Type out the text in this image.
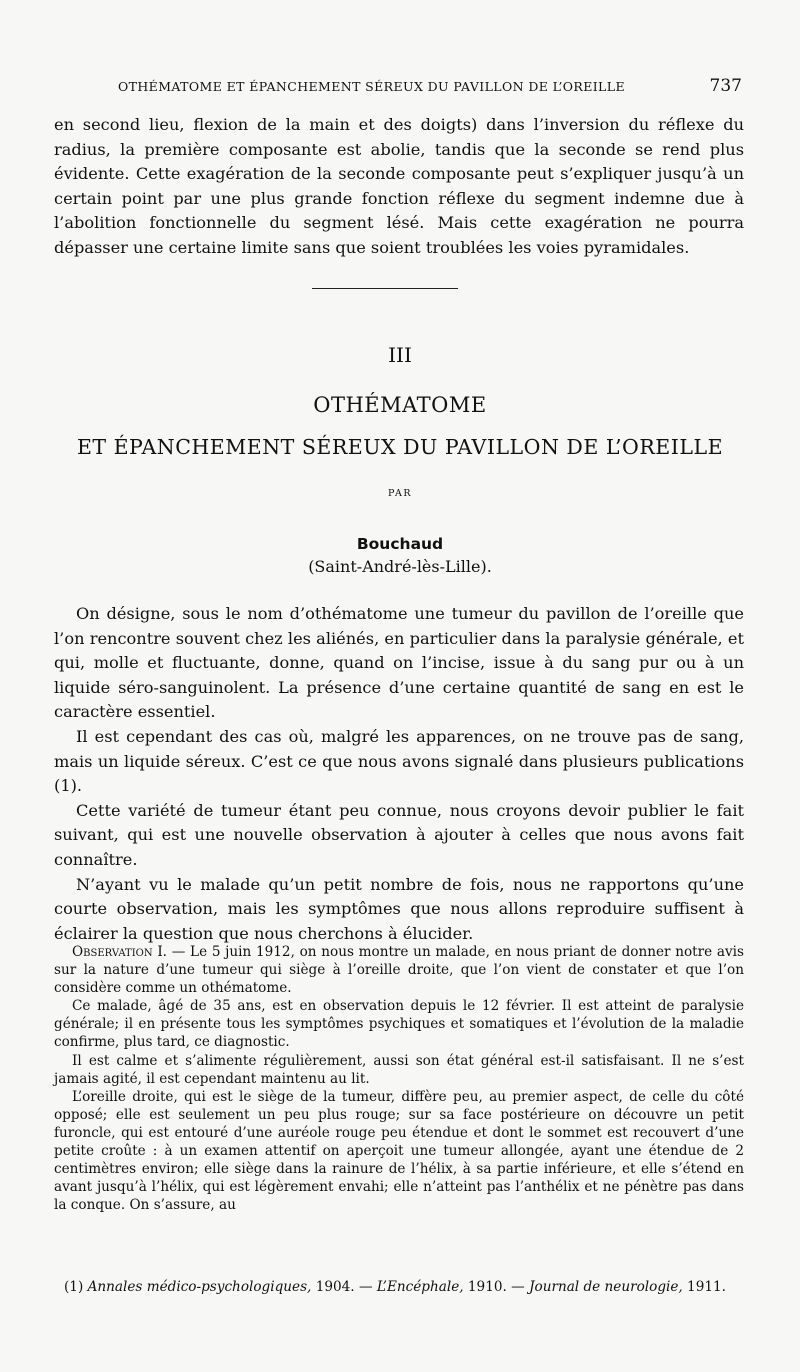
OTHÉMATOME ET ÉPANCHEMENT SÉREUX DU PAVILLON DE L’OREILLE	737

en second lieu, flexion de la main et des doigts) dans l’inversion du réflexe du radius, la première composante est abolie, tandis que la seconde se rend plus évidente. Cette exagération de la seconde composante peut s’expliquer jusqu’à un certain point par une plus grande fonction réflexe du segment indemne due à l’abolition fonctionnelle du segment lésé. Mais cette exagération ne pourra dépasser une certaine limite sans que soient troublées les voies pyramidales.

III

OTHÉMATOME

ET ÉPANCHEMENT SÉREUX DU PAVILLON DE L’OREILLE

PAR

Bouchaud

(Saint-André-lès-Lille).

On désigne, sous le nom d’othématome une tumeur du pavillon de l’oreille que l’on rencontre souvent chez les aliénés, en particulier dans la paralysie générale, et qui, molle et fluctuante, donne, quand on l’incise, issue à du sang pur ou à un liquide séro-sanguinolent. La présence d’une certaine quantité de sang en est le caractère essentiel.

Il est cependant des cas où, malgré les apparences, on ne trouve pas de sang, mais un liquide séreux. C’est ce que nous avons signalé dans plusieurs publications (1).

Cette variété de tumeur étant peu connue, nous croyons devoir publier le fait suivant, qui est une nouvelle observation à ajouter à celles que nous avons fait connaître.

N’ayant vu le malade qu’un petit nombre de fois, nous ne rapportons qu’une courte observation, mais les symptômes que nous allons reproduire suffisent à éclairer la question que nous cherchons à élucider.

Observation I. — Le 5 juin 1912, on nous montre un malade, en nous priant de donner notre avis sur la nature d’une tumeur qui siège à l’oreille droite, que l’on vient de constater et que l’on considère comme un othématome.

Ce malade, âgé de 35 ans, est en observation depuis le 12 février. Il est atteint de paralysie générale; il en présente tous les symptômes psychiques et somatiques et l’évolution de la maladie confirme, plus tard, ce diagnostic.

Il est calme et s’alimente régulièrement, aussi son état général est-il satisfaisant. Il ne s’est jamais agité, il est cependant maintenu au lit.

L’oreille droite, qui est le siège de la tumeur, diffère peu, au premier aspect, de celle du côté opposé; elle est seulement un peu plus rouge; sur sa face postérieure on découvre un petit furoncle, qui est entouré d’une auréole rouge peu étendue et dont le sommet est recouvert d’une petite croûte : à un examen attentif on aperçoit une tumeur allongée, ayant une étendue de 2 centimètres environ; elle siège dans la rainure de l’hélix, à sa partie inférieure, et elle s’étend en avant jusqu’à l’hélix, qui est légèrement envahi; elle n’atteint pas l’anthélix et ne pénètre pas dans la conque. On s’assure, au

(1) Annales médico-psychologiques, 1904. — L’Encéphale, 1910. — Journal de neurologie, 1911.
